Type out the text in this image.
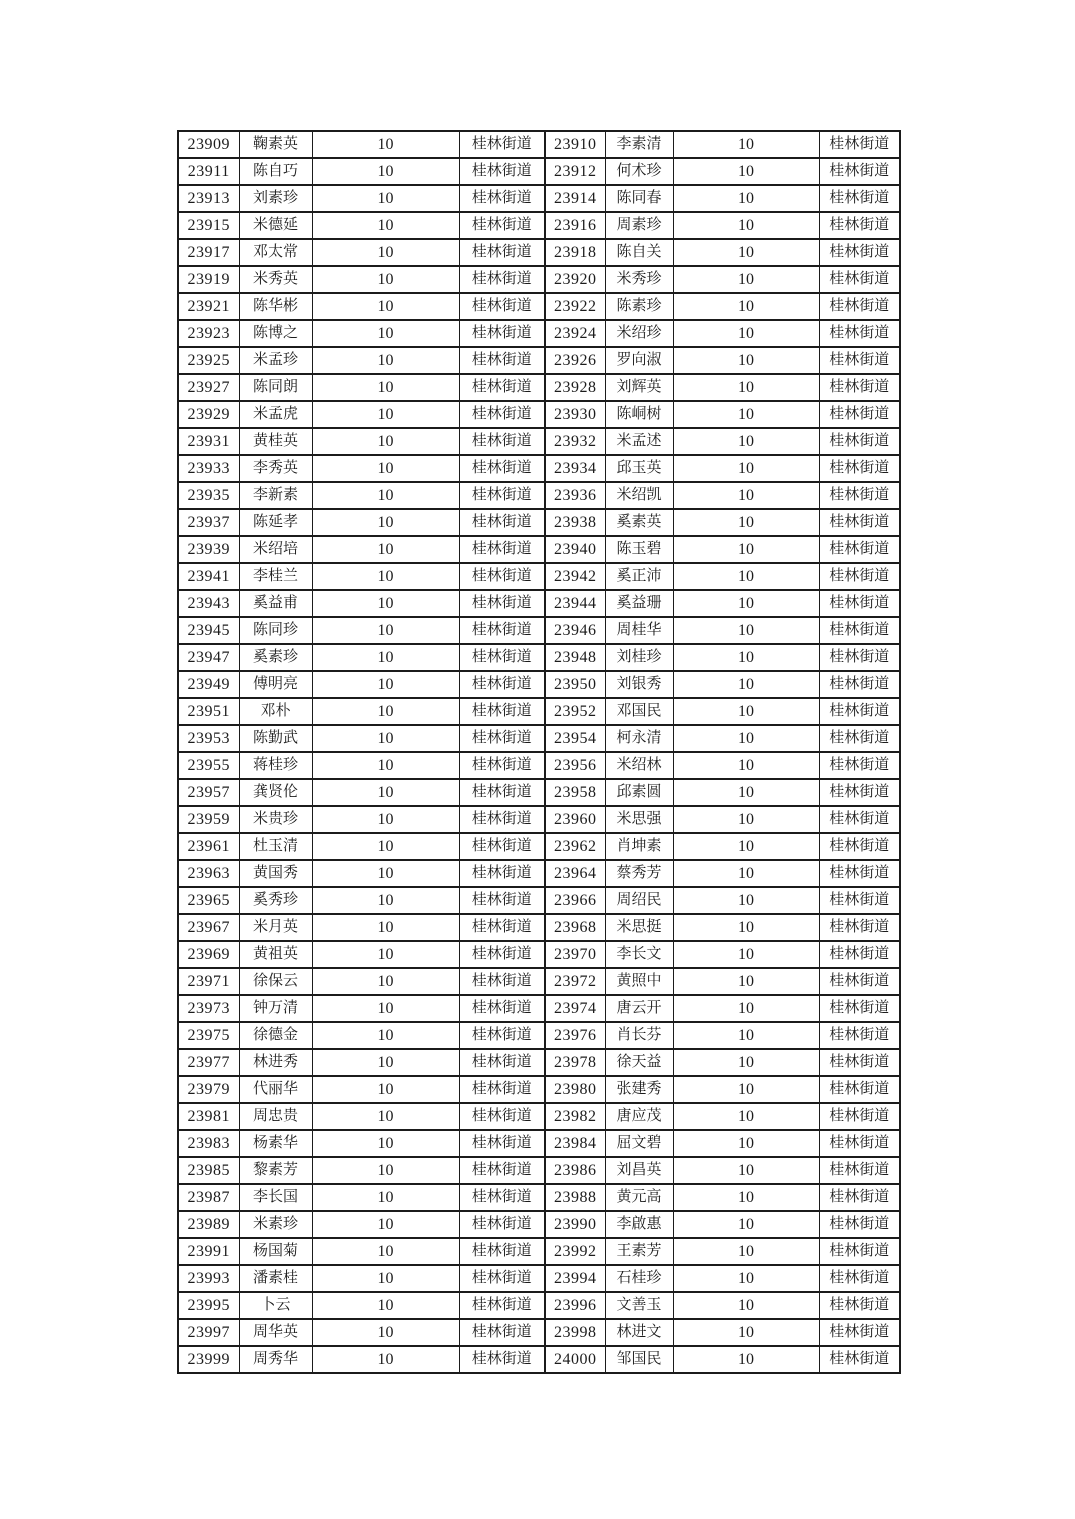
23909	鞠素英	10	桂林街道	23910	李素清	10	桂林街道
23911	陈自巧	10	桂林街道	23912	何术珍	10	桂林街道
23913	刘素珍	10	桂林街道	23914	陈同春	10	桂林街道
23915	米德延	10	桂林街道	23916	周素珍	10	桂林街道
23917	邓太常	10	桂林街道	23918	陈自关	10	桂林街道
23919	米秀英	10	桂林街道	23920	米秀珍	10	桂林街道
23921	陈华彬	10	桂林街道	23922	陈素珍	10	桂林街道
23923	陈博之	10	桂林街道	23924	米绍珍	10	桂林街道
23925	米孟珍	10	桂林街道	23926	罗向淑	10	桂林街道
23927	陈同朗	10	桂林街道	23928	刘辉英	10	桂林街道
23929	米孟虎	10	桂林街道	23930	陈峒树	10	桂林街道
23931	黄桂英	10	桂林街道	23932	米孟述	10	桂林街道
23933	李秀英	10	桂林街道	23934	邱玉英	10	桂林街道
23935	李新素	10	桂林街道	23936	米绍凯	10	桂林街道
23937	陈延孝	10	桂林街道	23938	奚素英	10	桂林街道
23939	米绍培	10	桂林街道	23940	陈玉碧	10	桂林街道
23941	李桂兰	10	桂林街道	23942	奚正沛	10	桂林街道
23943	奚益甫	10	桂林街道	23944	奚益珊	10	桂林街道
23945	陈同珍	10	桂林街道	23946	周桂华	10	桂林街道
23947	奚素珍	10	桂林街道	23948	刘桂珍	10	桂林街道
23949	傅明亮	10	桂林街道	23950	刘银秀	10	桂林街道
23951	邓朴	10	桂林街道	23952	邓国民	10	桂林街道
23953	陈勤武	10	桂林街道	23954	柯永清	10	桂林街道
23955	蒋桂珍	10	桂林街道	23956	米绍林	10	桂林街道
23957	龚贤伦	10	桂林街道	23958	邱素圆	10	桂林街道
23959	米贵珍	10	桂林街道	23960	米思强	10	桂林街道
23961	杜玉清	10	桂林街道	23962	肖坤素	10	桂林街道
23963	黄国秀	10	桂林街道	23964	蔡秀芳	10	桂林街道
23965	奚秀珍	10	桂林街道	23966	周绍民	10	桂林街道
23967	米月英	10	桂林街道	23968	米思挺	10	桂林街道
23969	黄祖英	10	桂林街道	23970	李长文	10	桂林街道
23971	徐保云	10	桂林街道	23972	黄照中	10	桂林街道
23973	钟万清	10	桂林街道	23974	唐云开	10	桂林街道
23975	徐德金	10	桂林街道	23976	肖长芬	10	桂林街道
23977	林进秀	10	桂林街道	23978	徐天益	10	桂林街道
23979	代丽华	10	桂林街道	23980	张建秀	10	桂林街道
23981	周忠贵	10	桂林街道	23982	唐应茂	10	桂林街道
23983	杨素华	10	桂林街道	23984	屈文碧	10	桂林街道
23985	黎素芳	10	桂林街道	23986	刘昌英	10	桂林街道
23987	李长国	10	桂林街道	23988	黄元高	10	桂林街道
23989	米素珍	10	桂林街道	23990	李啟惠	10	桂林街道
23991	杨国菊	10	桂林街道	23992	王素芳	10	桂林街道
23993	潘素桂	10	桂林街道	23994	石桂珍	10	桂林街道
23995	卜云	10	桂林街道	23996	文善玉	10	桂林街道
23997	周华英	10	桂林街道	23998	林进文	10	桂林街道
23999	周秀华	10	桂林街道	24000	邹国民	10	桂林街道
